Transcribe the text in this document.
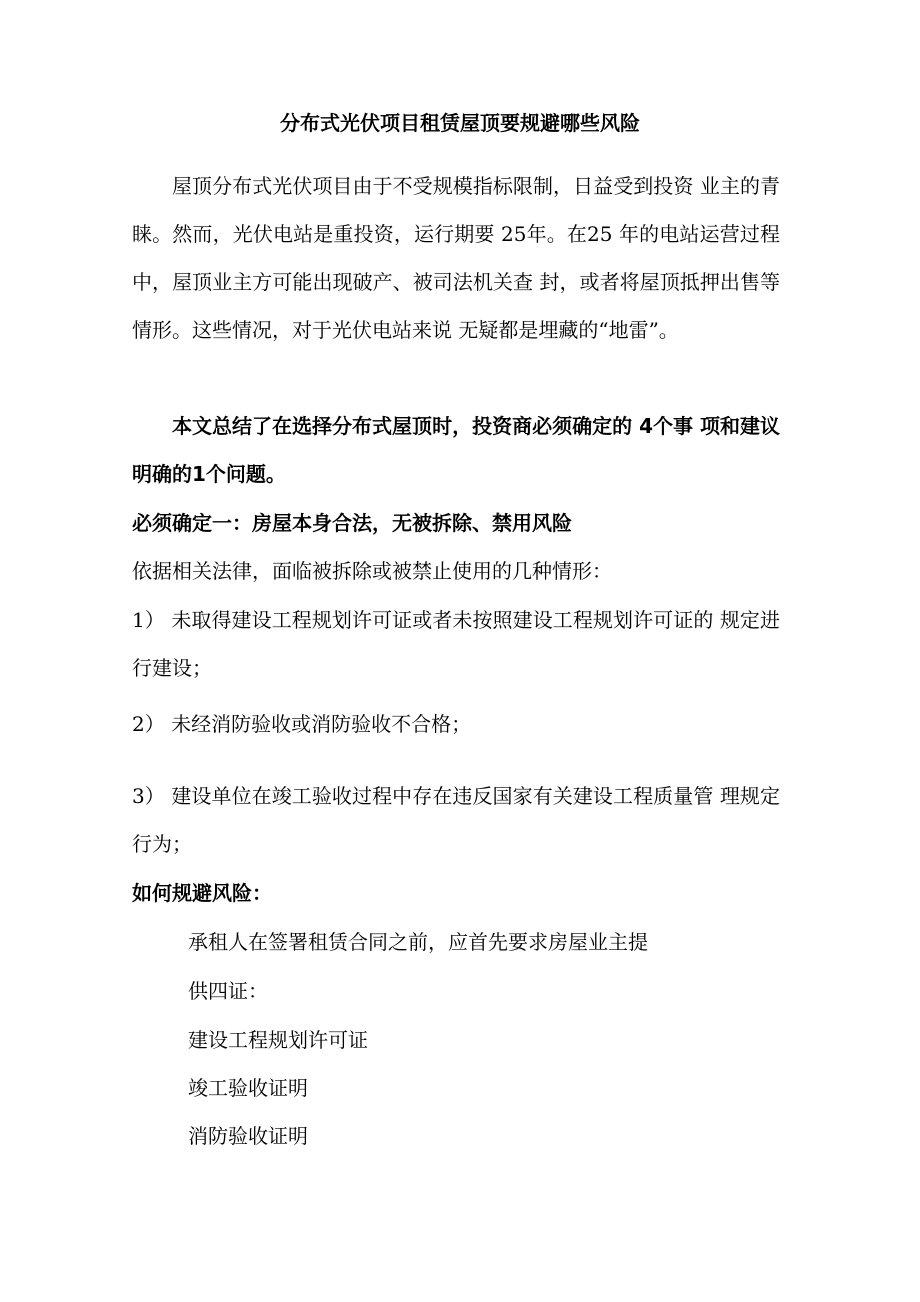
分布式光伏项目租赁屋顶要规避哪些风险

屋顶分布式光伏项目由于不受规模指标限制，日益受到投资 业主的青睐。然而，光伏电站是重投资，运行期要 25年。在25 年的电站运营过程中，屋顶业主方可能出现破产、被司法机关查 封，或者将屋顶抵押出售等情形。这些情况，对于光伏电站来说 无疑都是埋藏的“地雷”。

本文总结了在选择分布式屋顶时，投资商必须确定的 4个事 项和建议明确的1个问题。

必须确定一：房屋本身合法，无被拆除、禁用风险

依据相关法律，面临被拆除或被禁止使用的几种情形：

1） 未取得建设工程规划许可证或者未按照建设工程规划许可证的 规定进行建设；

2） 未经消防验收或消防验收不合格；

3） 建设单位在竣工验收过程中存在违反国家有关建设工程质量管 理规定行为；

如何规避风险：

承租人在签署租赁合同之前，应首先要求房屋业主提

供四证：

建设工程规划许可证

竣工验收证明

消防验收证明
